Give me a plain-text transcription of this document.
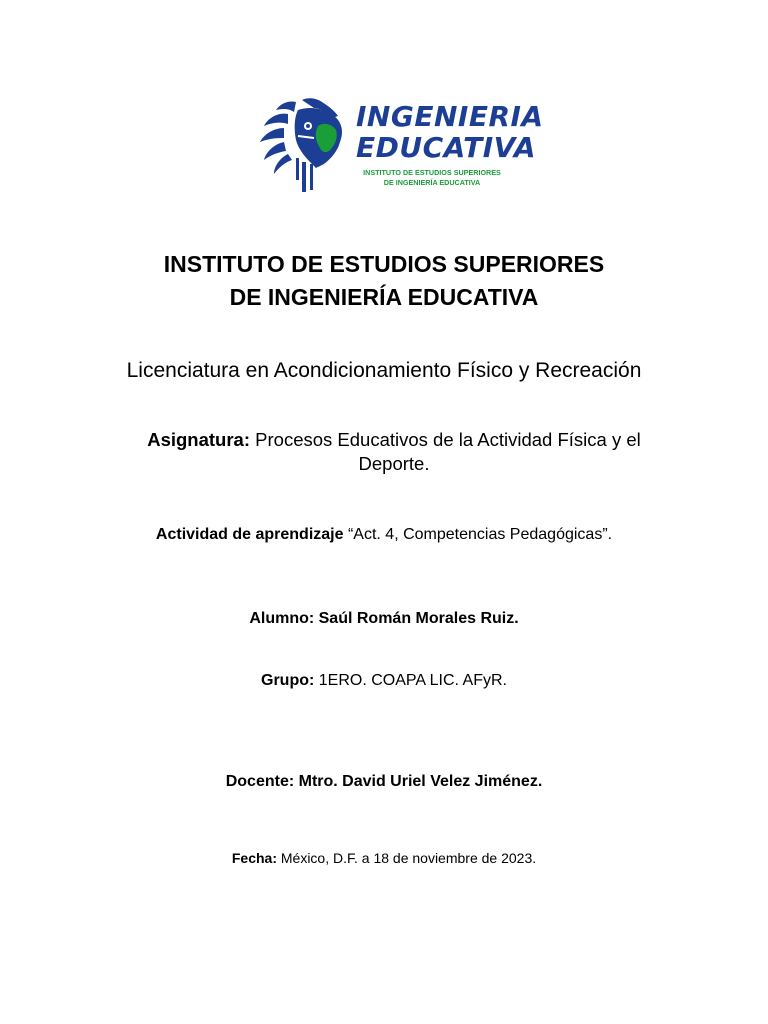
INGENIERIA
EDUCATIVA
INSTITUTO DE ESTUDIOS SUPERIORES
DE INGENIERÍA EDUCATIVA
INSTITUTO DE ESTUDIOS SUPERIORES
DE INGENIERÍA EDUCATIVA
Licenciatura en Acondicionamiento Físico y Recreación
Asignatura: Procesos Educativos de la Actividad Física y el Deporte.
Actividad de aprendizaje “Act. 4, Competencias Pedagógicas”.
Alumno: Saúl Román Morales Ruiz.
Grupo: 1ERO. COAPA LIC. AFyR.
Docente: Mtro. David Uriel Velez Jiménez.
Fecha: México, D.F. a 18 de noviembre de 2023.
